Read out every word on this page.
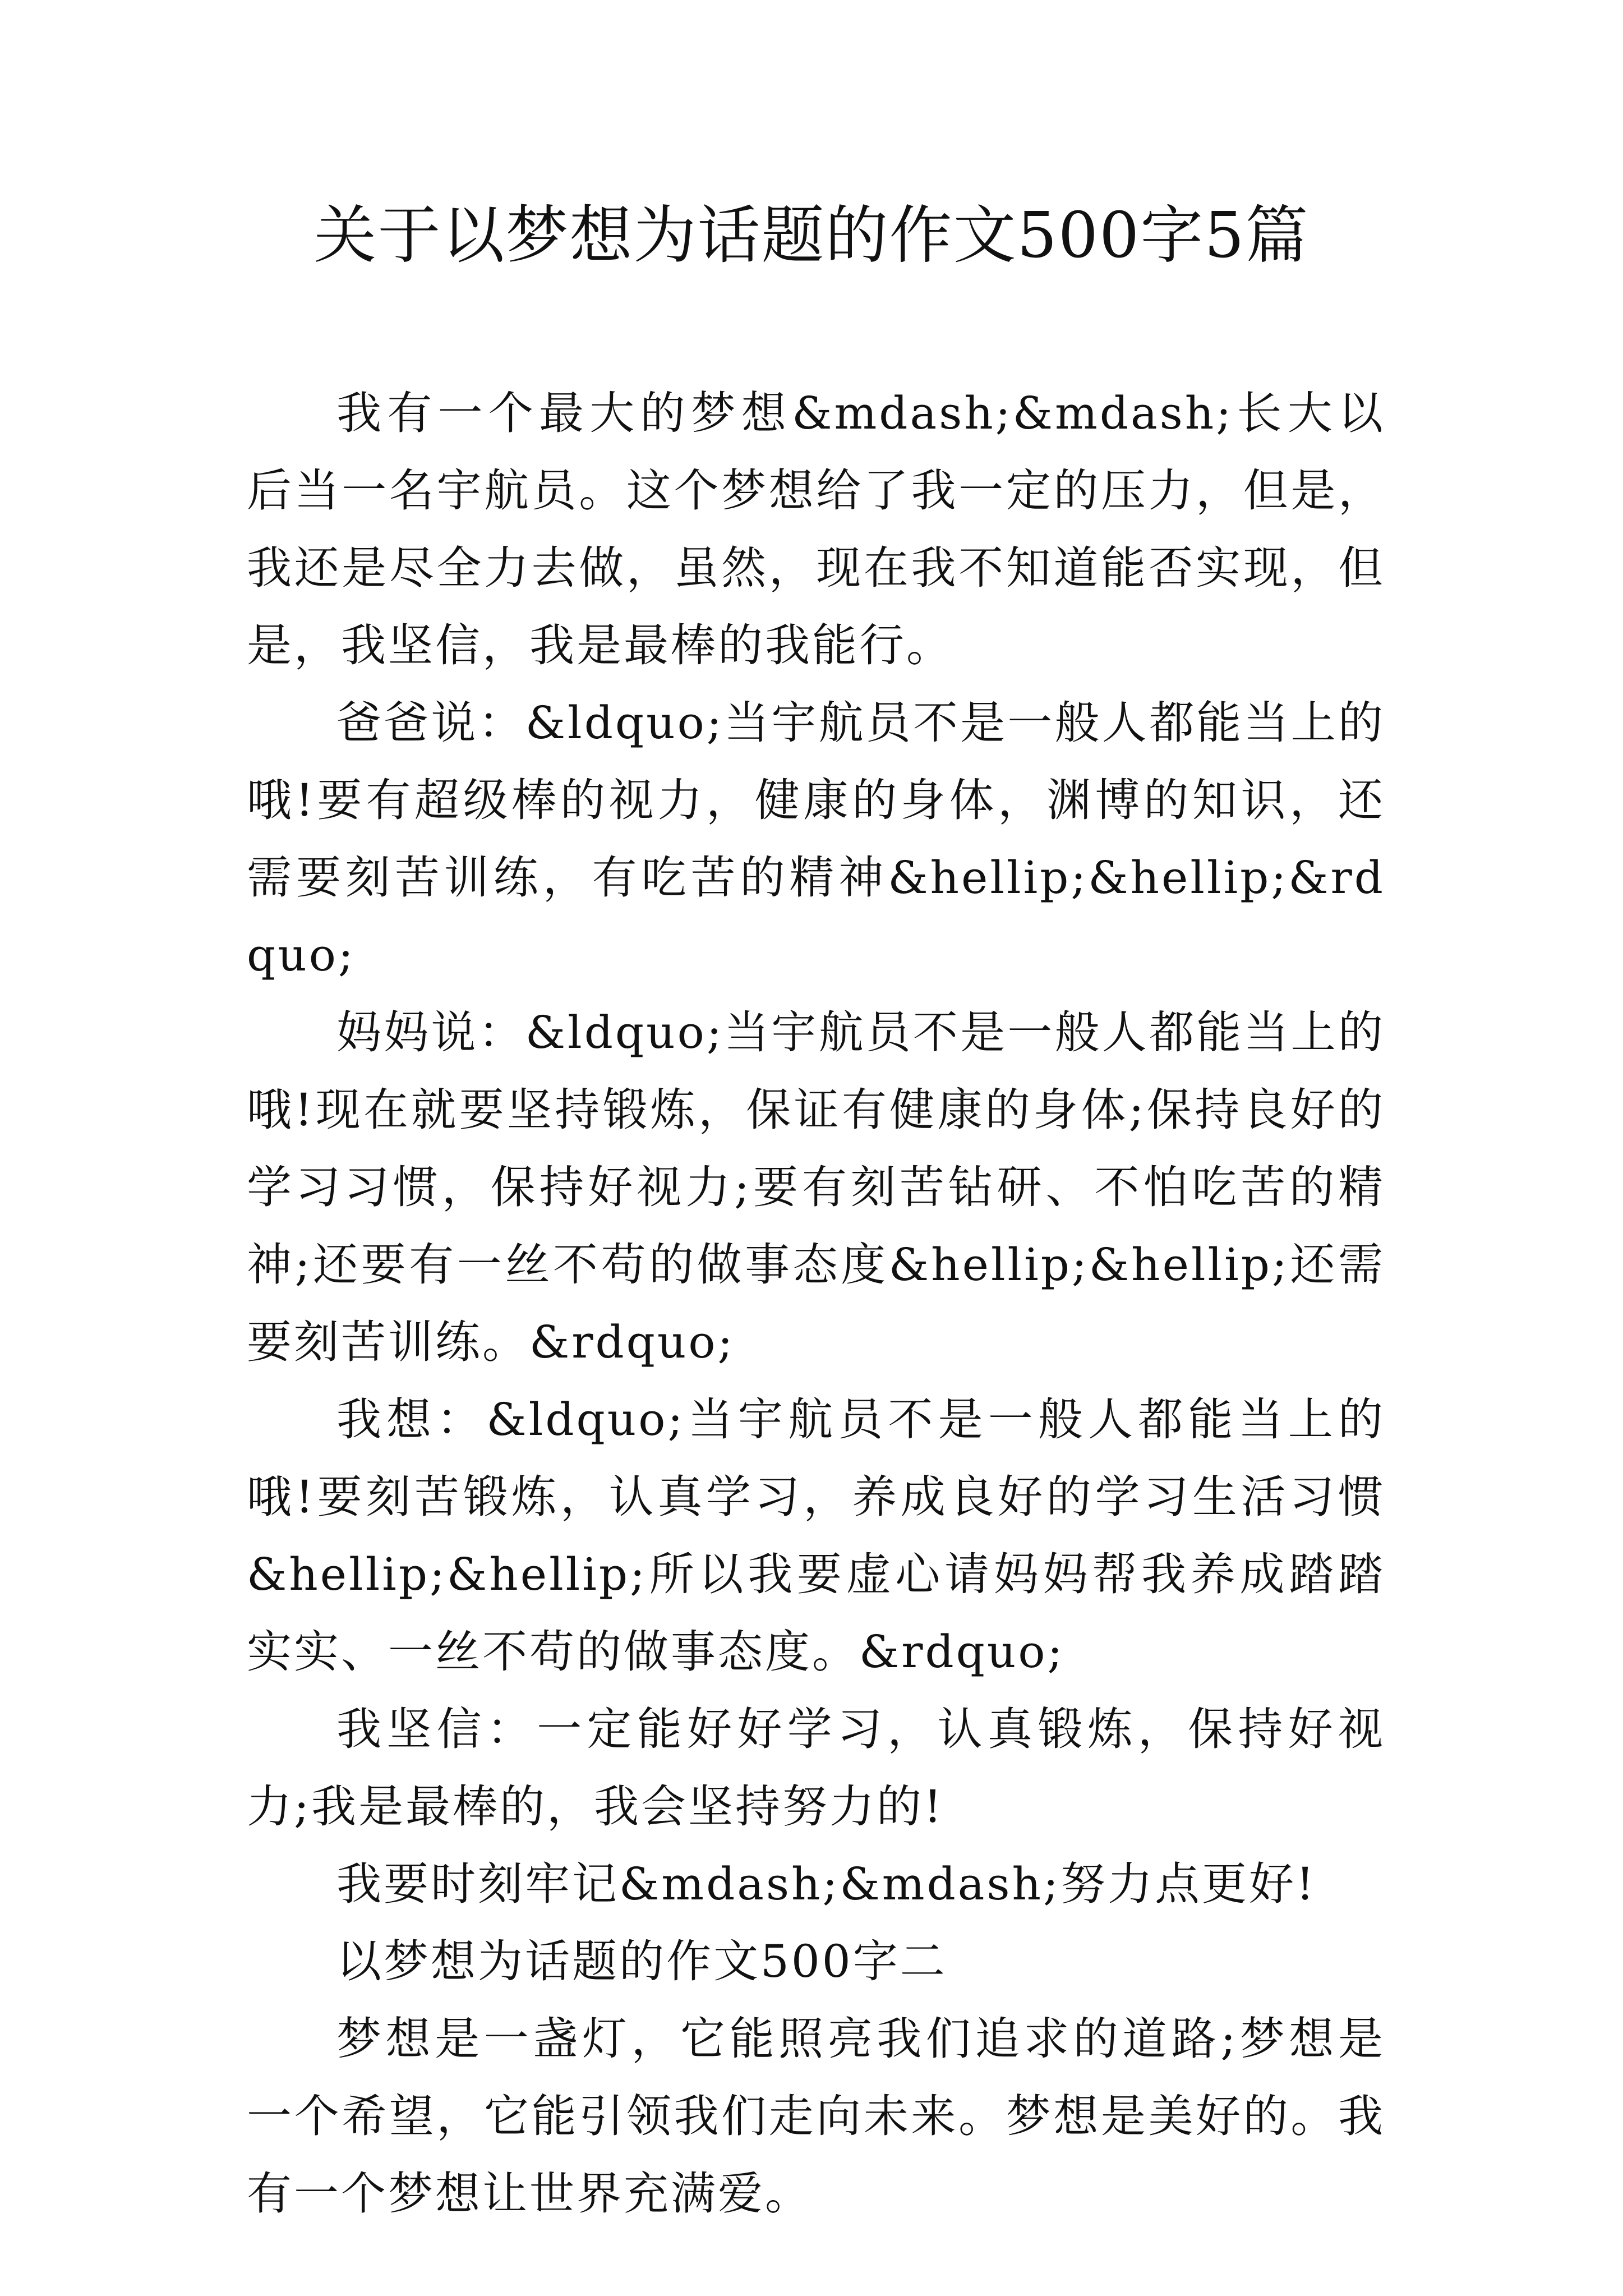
关于以梦想为话题的作文500字5篇

我有一个最大的梦想&mdash;&mdash;长大以后当一名宇航员。这个梦想给了我一定的压力，但是，我还是尽全力去做，虽然，现在我不知道能否实现，但是，我坚信，我是最棒的我能行。

爸爸说：&ldquo;当宇航员不是一般人都能当上的哦!要有超级棒的视力，健康的身体，渊博的知识，还需要刻苦训练，有吃苦的精神&hellip;&hellip;&rdquo;

妈妈说：&ldquo;当宇航员不是一般人都能当上的哦!现在就要坚持锻炼，保证有健康的身体;保持良好的学习习惯，保持好视力;要有刻苦钻研、不怕吃苦的精神;还要有一丝不苟的做事态度&hellip;&hellip;还需要刻苦训练。&rdquo;

我想：&ldquo;当宇航员不是一般人都能当上的哦!要刻苦锻炼，认真学习，养成良好的学习生活习惯&hellip;&hellip;所以我要虚心请妈妈帮我养成踏踏实实、一丝不苟的做事态度。&rdquo;

我坚信：一定能好好学习，认真锻炼，保持好视力;我是最棒的，我会坚持努力的!

我要时刻牢记&mdash;&mdash;努力点更好!

以梦想为话题的作文500字二

梦想是一盏灯，它能照亮我们追求的道路;梦想是一个希望，它能引领我们走向未来。梦想是美好的。我有一个梦想让世界充满爱。
